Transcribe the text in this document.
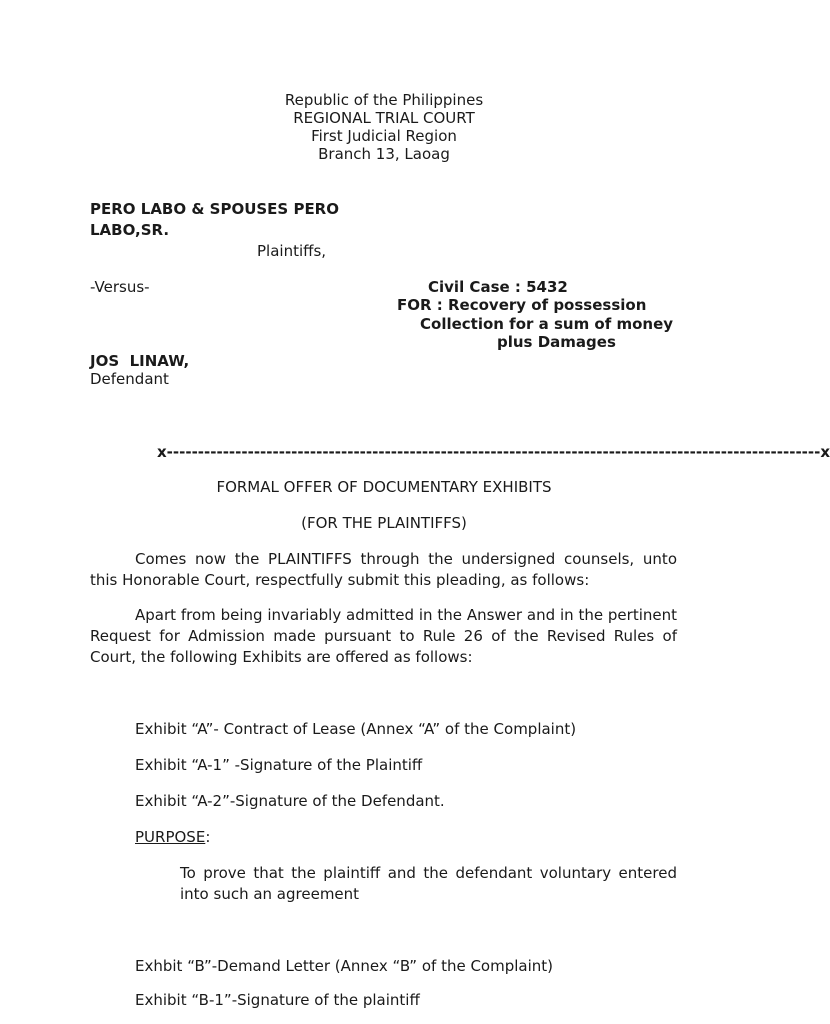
Republic of the Philippines
REGIONAL TRIAL COURT
First Judicial Region
Branch 13, Laoag
PERO LABO & SPOUSES PERO
LABO,SR.
Plaintiffs,
-Versus-	Civil Case : 5432
FOR : Recovery of possession
Collection for a sum of money
plus Damages
JOS  LINAW,
Defendant
x---------------------------------------------------------------------------------------------------------x
FORMAL OFFER OF DOCUMENTARY EXHIBITS
(FOR THE PLAINTIFFS)
Comes now the PLAINTIFFS through the undersigned counsels, unto this Honorable Court, respectfully submit this pleading, as follows:
Apart from being invariably admitted in the Answer and in the pertinent Request for Admission made pursuant to Rule 26 of the Revised Rules of Court, the following Exhibits are offered as follows:
Exhibit “A”- Contract of Lease (Annex “A” of the Complaint)
Exhibit “A-1” -Signature of the Plaintiff
Exhibit “A-2”-Signature of the Defendant.
PURPOSE:
To prove that the plaintiff and the defendant voluntary entered into such an agreement
Exhbit “B”-Demand Letter (Annex “B” of the Complaint)
Exhibit “B-1”-Signature of the plaintiff
